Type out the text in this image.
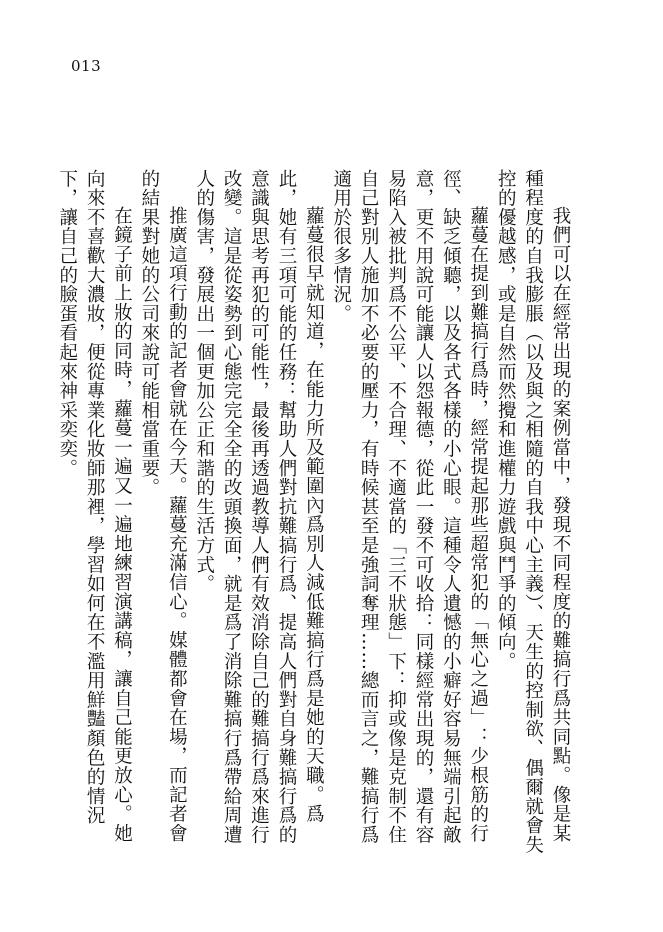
013

我們可以在經常出現的案例當中，發現不同程度的難搞行爲共同點。像是某種程度的自我膨脹（以及與之相隨的自我中心主義）、天生的控制欲、偶爾就會失控的優越感，或是自然而然攪和進權力遊戲與鬥爭的傾向。

蘿蔓在提到難搞行爲時，經常提起那些超常犯的「無心之過」：少根筋的行徑、缺乏傾聽，以及各式各樣的小心眼。這種令人遺憾的小癖好容易無端引起敵意，更不用說可能讓人以怨報德，從此一發不可收拾：同樣經常出現的，還有容易陷入被批判爲不公平、不合理、不適當的「三不狀態」下：抑或像是克制不住自己對別人施加不必要的壓力，有時候甚至是強詞奪理……總而言之，難搞行爲適用於很多情況。

蘿蔓很早就知道，在能力所及範圍內爲別人減低難搞行爲是她的天職。爲此，她有三項可能的任務：幫助人們對抗難搞行爲、提高人們對自身難搞行爲的意識與思考再犯的可能性，最後再透過教導人們有效消除自己的難搞行爲來進行改變。這是從姿勢到心態完完全全的改頭換面，就是爲了消除難搞行爲帶給周遭人的傷害，發展出一個更加公正和諧的生活方式。

推廣這項行動的記者會就在今天。蘿蔓充滿信心。媒體都會在場，而記者會的結果對她的公司來說可能相當重要。

在鏡子前上妝的同時，蘿蔓一遍又一遍地練習演講稿，讓自己能更放心。她向來不喜歡大濃妝，便從專業化妝師那裡，學習如何在不濫用鮮豔顏色的情況下，讓自己的臉蛋看起來神采奕奕。
